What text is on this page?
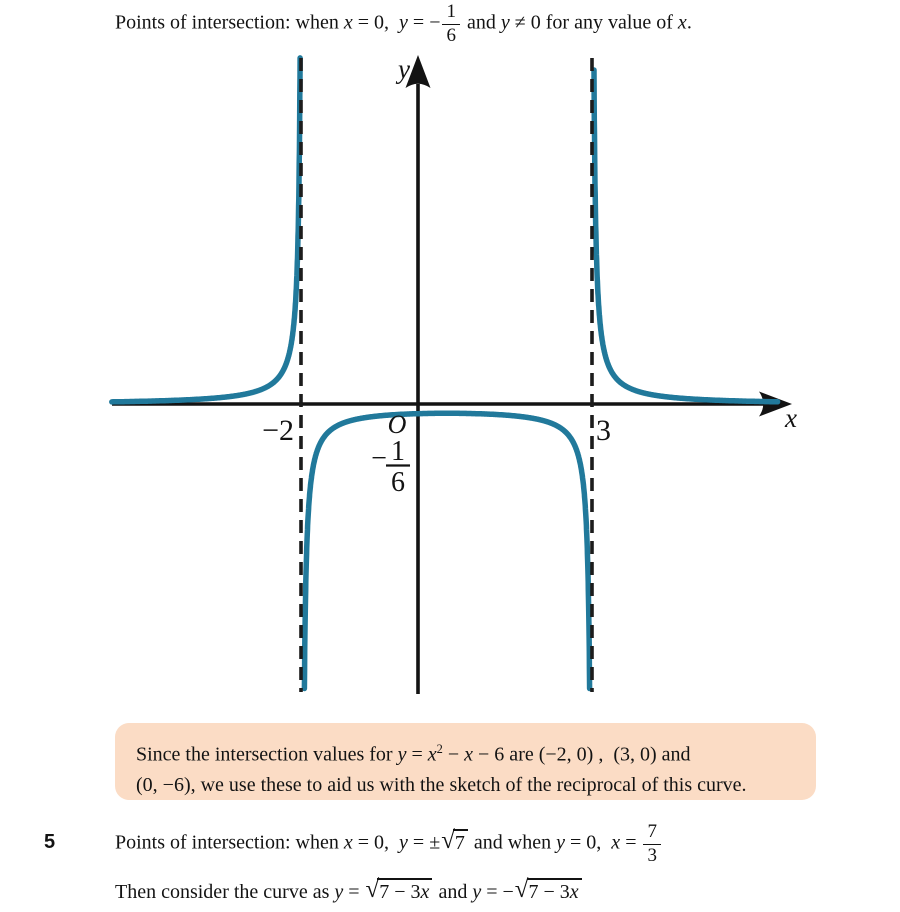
Points of intersection: when x = 0,  y = − $\frac{1}{6}$ and y ≠ 0 for any value of x.
y
x
O
−2	3
− 1
6
Since the intersection values for $y = x^2 - x - 6$ are (−2, 0) ,  (3, 0) and
(0, −6), we use these to aid us with the sketch of the reciprocal of this curve.
5	Points of intersection: when x = 0,  y = ± √ 7 and when y = 0,  $x = \frac{7}{3}$
Then consider the curve as y = √ 7 − 3x and y = − √ 7 − 3x
